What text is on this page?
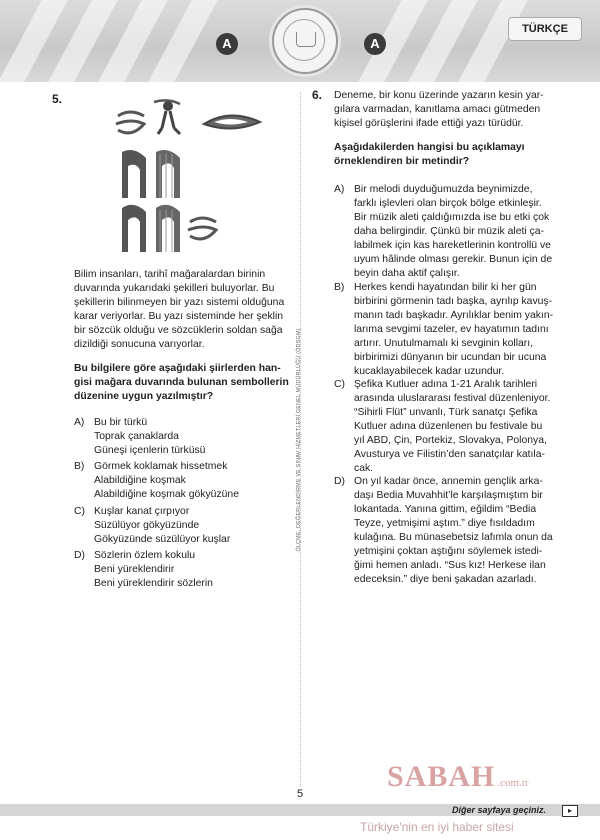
A	A
TÜRKÇE
5.
Bilim insanları, tarihî mağaralardan birinin
duvarında yukarıdaki şekilleri buluyorlar. Bu
şekillerin bilinmeyen bir yazı sistemi olduğuna
karar veriyorlar. Bu yazı sisteminde her şeklin
bir sözcük olduğu ve sözcüklerin soldan sağa
dizildiği sonucuna varıyorlar.
Bu bilgilere göre aşağıdaki şiirlerden han-
gisi mağara duvarında bulunan sembollerin
düzenine uygun yazılmıştır?
A) Bu bir türkü
Toprak çanaklarda
Güneşi içenlerin türküsü
B) Görmek koklamak hissetmek
Alabildiğine koşmak
Alabildiğine koşmak gökyüzüne
C) Kuşlar kanat çırpıyor
Süzülüyor gökyüzünde
Gökyüzünde süzülüyor kuşlar
D) Sözlerin özlem kokulu
Beni yüreklendirir
Beni yüreklendirir sözlerin
ÖLÇME, DEĞERLENDİRME VE SINAV HİZMETLERİ GENEL MÜDÜRLÜĞÜ (ÖDSGM)
6. Deneme, bir konu üzerinde yazarın kesin yar-
gılara varmadan, kanıtlama amacı gütmeden
kişisel görüşlerini ifade ettiği yazı türüdür.
Aşağıdakilerden hangisi bu açıklamayı
örneklendiren bir metindir?
A) Bir melodi duyduğumuzda beynimizde,
farklı işlevleri olan birçok bölge etkinleşir.
Bir müzik aleti çaldığımızda ise bu etki çok
daha belirgindir. Çünkü bir müzik aleti ça-
labilmek için kas hareketlerinin kontrollü ve
uyum hâlinde olması gerekir. Bunun için de
beyin daha aktif çalışır.
B) Herkes kendi hayatından bilir ki her gün
birbirini görmenin tadı başka, ayrılıp kavuş-
manın tadı başkadır. Ayrılıklar benim yakın-
larıma sevgimi tazeler, ev hayatımın tadını
artırır. Unutulmamalı ki sevginin kolları,
birbirimizi dünyanın bir ucundan bir ucuna
kucaklayabilecek kadar uzundur.
C) Şefika Kutluer adına 1-21 Aralık tarihleri
arasında uluslararası festival düzenleniyor.
“Sihirli Flüt” unvanlı, Türk sanatçı Şefika
Kutluer adına düzenlenen bu festivale bu
yıl ABD, Çin, Portekiz, Slovakya, Polonya,
Avusturya ve Filistin’den sanatçılar katıla-
cak.
D) On yıl kadar önce, annemin gençlik arka-
daşı Bedia Muvahhit’le karşılaşmıştım bir
lokantada. Yanına gittim, eğildim “Bedia
Teyze, yetmişimi aştım.” diye fısıldadım
kulağına. Bu münasebetsiz lafımla onun da
yetmişini çoktan aştığını söylemek istedi-
ğimi hemen anladı. “Sus kız! Herkese ilan
edeceksin.” diye beni şakadan azarladı.
SABAH .com.tr
5
Diğer sayfaya geçiniz.	▸
Türkiye'nin en iyi haber sitesi
